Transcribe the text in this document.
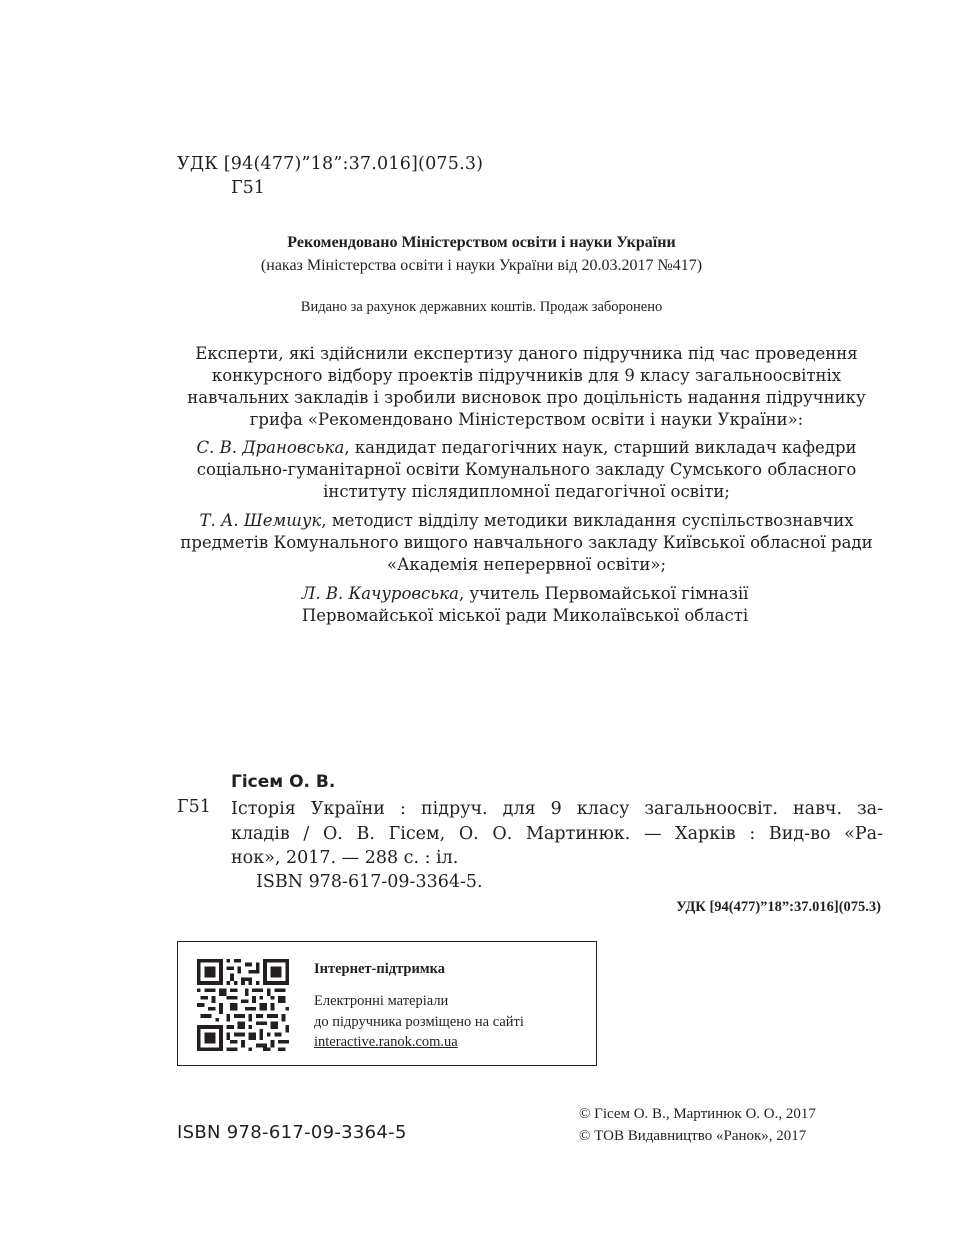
УДК [94(477)”18”:37.016](075.3)
Г51
Рекомендовано Міністерством освіти і науки України
(наказ Міністерства освіти і науки України від 20.03.2017 №417)
Видано за рахунок державних коштів. Продаж заборонено

Експерти, які здійснили експертизу даного підручника під час проведення конкурсного відбору проектів підручників для 9 класу загальноосвітніх навчальних закладів і зробили висновок про доцільність надання підручнику грифа «Рекомендовано Міністерством освіти і науки України»:

С. В. Драновська, кандидат педагогічних наук, старший викладач кафедри соціально-гуманітарної освіти Комунального закладу Сумського обласного інституту післядипломної педагогічної освіти;

Т. А. Шемшук, методист відділу методики викладання суспільствознавчих предметів Комунального вищого навчального закладу Київської обласної ради «Академія неперервної освіти»;

Л. В. Качуровська, учитель Первомайської гімназії Первомайської міської ради Миколаївської області

Гісем О. В.
Г51 Історія України : підруч. для 9 класу загальноосвіт. навч. за-
кладів / О. В. Гісем, О. О. Мартинюк. — Харків : Вид-во «Ра-
нок», 2017. — 288 с. : іл.
ISBN 978-617-09-3364-5.
УДК [94(477)”18”:37.016](075.3)
Інтернет-підтримка
Електронні матеріали
до підручника розміщено на сайті
interactive.ranok.com.ua
ISBN 978-617-09-3364-5
© Гісем О. В., Мартинюк О. О., 2017
© ТОВ Видавництво «Ранок», 2017
